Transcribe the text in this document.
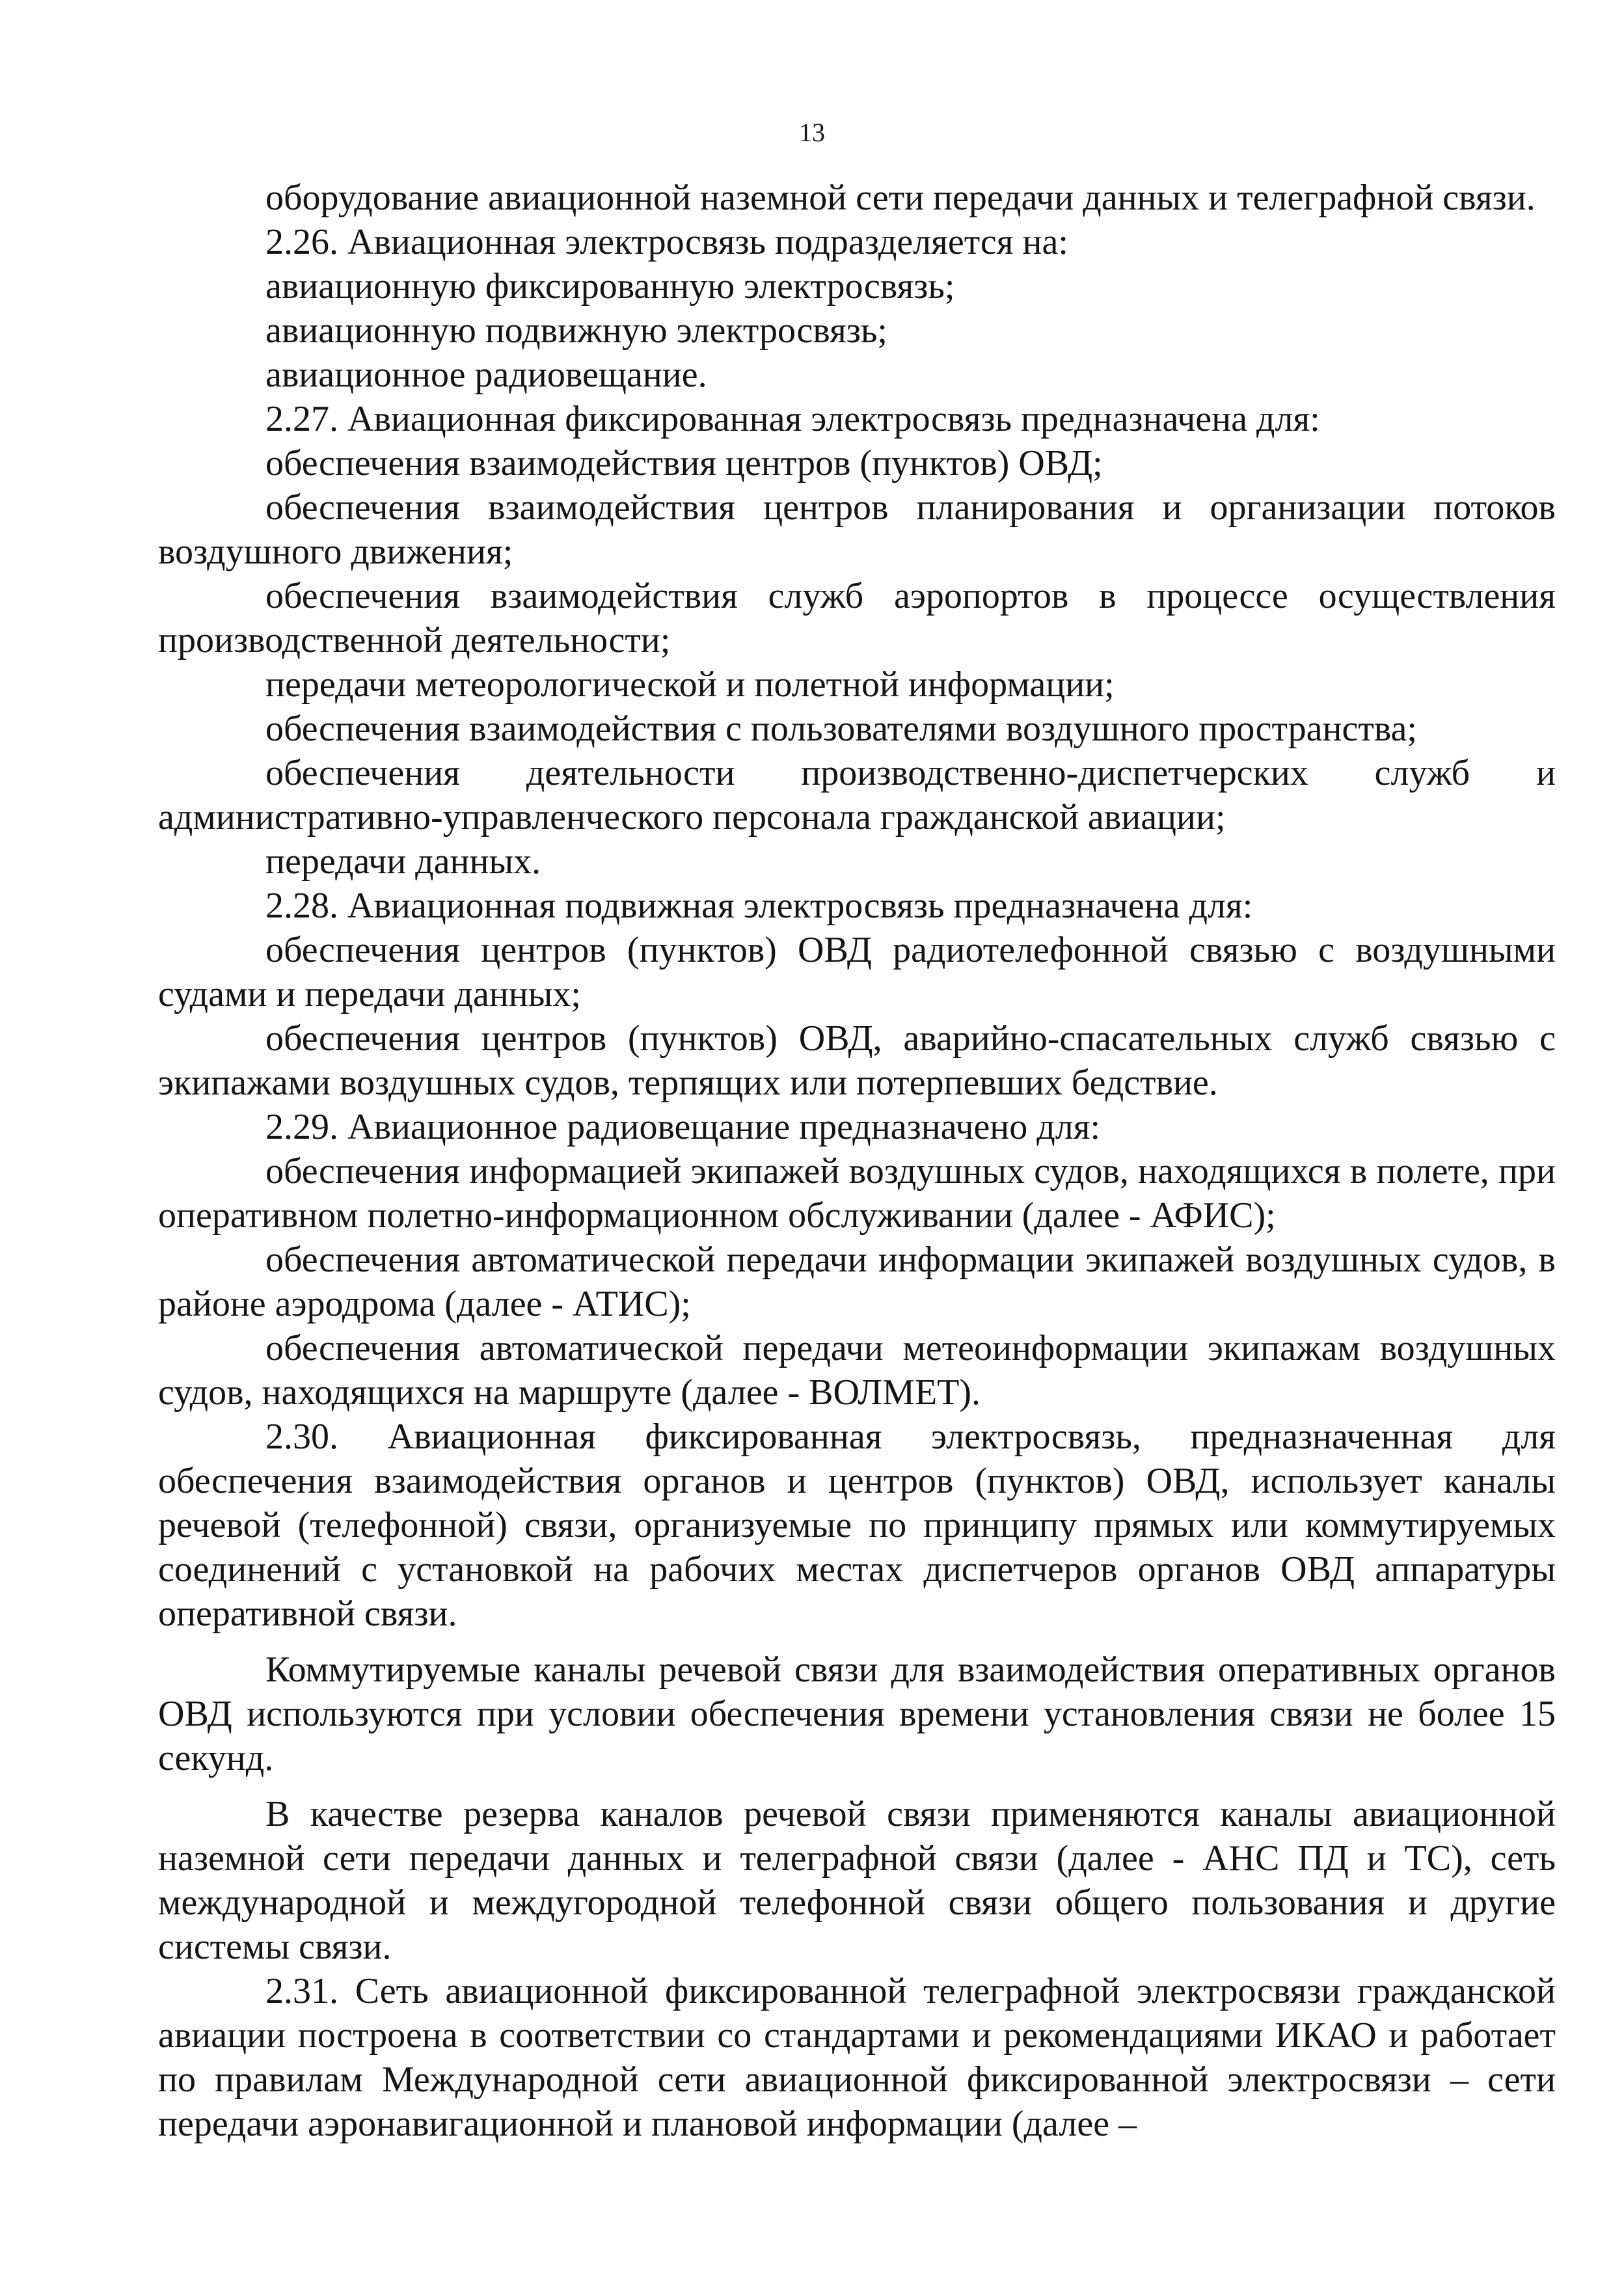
13

оборудование авиационной наземной сети передачи данных и телеграфной связи.

2.26. Авиационная электросвязь подразделяется на:

авиационную фиксированную электросвязь;

авиационную подвижную электросвязь;

авиационное радиовещание.

2.27. Авиационная фиксированная электросвязь предназначена для:

обеспечения взаимодействия центров (пунктов) ОВД;

обеспечения взаимодействия центров планирования и организации потоков воздушного движения;

обеспечения взаимодействия служб аэропортов в процессе осуществления производственной деятельности;

передачи метеорологической и полетной информации;

обеспечения взаимодействия с пользователями воздушного пространства;

обеспечения деятельности производственно-диспетчерских служб и административно-управленческого персонала гражданской авиации;

передачи данных.

2.28. Авиационная подвижная электросвязь предназначена для:

обеспечения центров (пунктов) ОВД радиотелефонной связью с воздушными судами и передачи данных;

обеспечения центров (пунктов) ОВД, аварийно-спасательных служб связью с экипажами воздушных судов, терпящих или потерпевших бедствие.

2.29. Авиационное радиовещание предназначено для:

обеспечения информацией экипажей воздушных судов, находящихся в полете, при оперативном полетно-информационном обслуживании (далее - АФИС);

обеспечения автоматической передачи информации экипажей воздушных судов, в районе аэродрома (далее - АТИС);

обеспечения автоматической передачи метеоинформации экипажам воздушных судов, находящихся на маршруте (далее - ВОЛМЕТ).

2.30. Авиационная фиксированная электросвязь, предназначенная для обеспечения взаимодействия органов и центров (пунктов) ОВД, использует каналы речевой (телефонной) связи, организуемые по принципу прямых или коммутируемых соединений с установкой на рабочих местах диспетчеров органов ОВД аппаратуры оперативной связи.

Коммутируемые каналы речевой связи для взаимодействия оперативных органов ОВД используются при условии обеспечения времени установления связи не более 15 секунд.

В качестве резерва каналов речевой связи применяются каналы авиационной наземной сети передачи данных и телеграфной связи (далее - АНС ПД и ТС), сеть международной и междугородной телефонной связи общего пользования и другие системы связи.

2.31. Сеть авиационной фиксированной телеграфной электросвязи гражданской авиации построена в соответствии со стандартами и рекомендациями ИКАО и работает по правилам Международной сети авиационной фиксированной электросвязи – сети передачи аэронавигационной и плановой информации (далее –
